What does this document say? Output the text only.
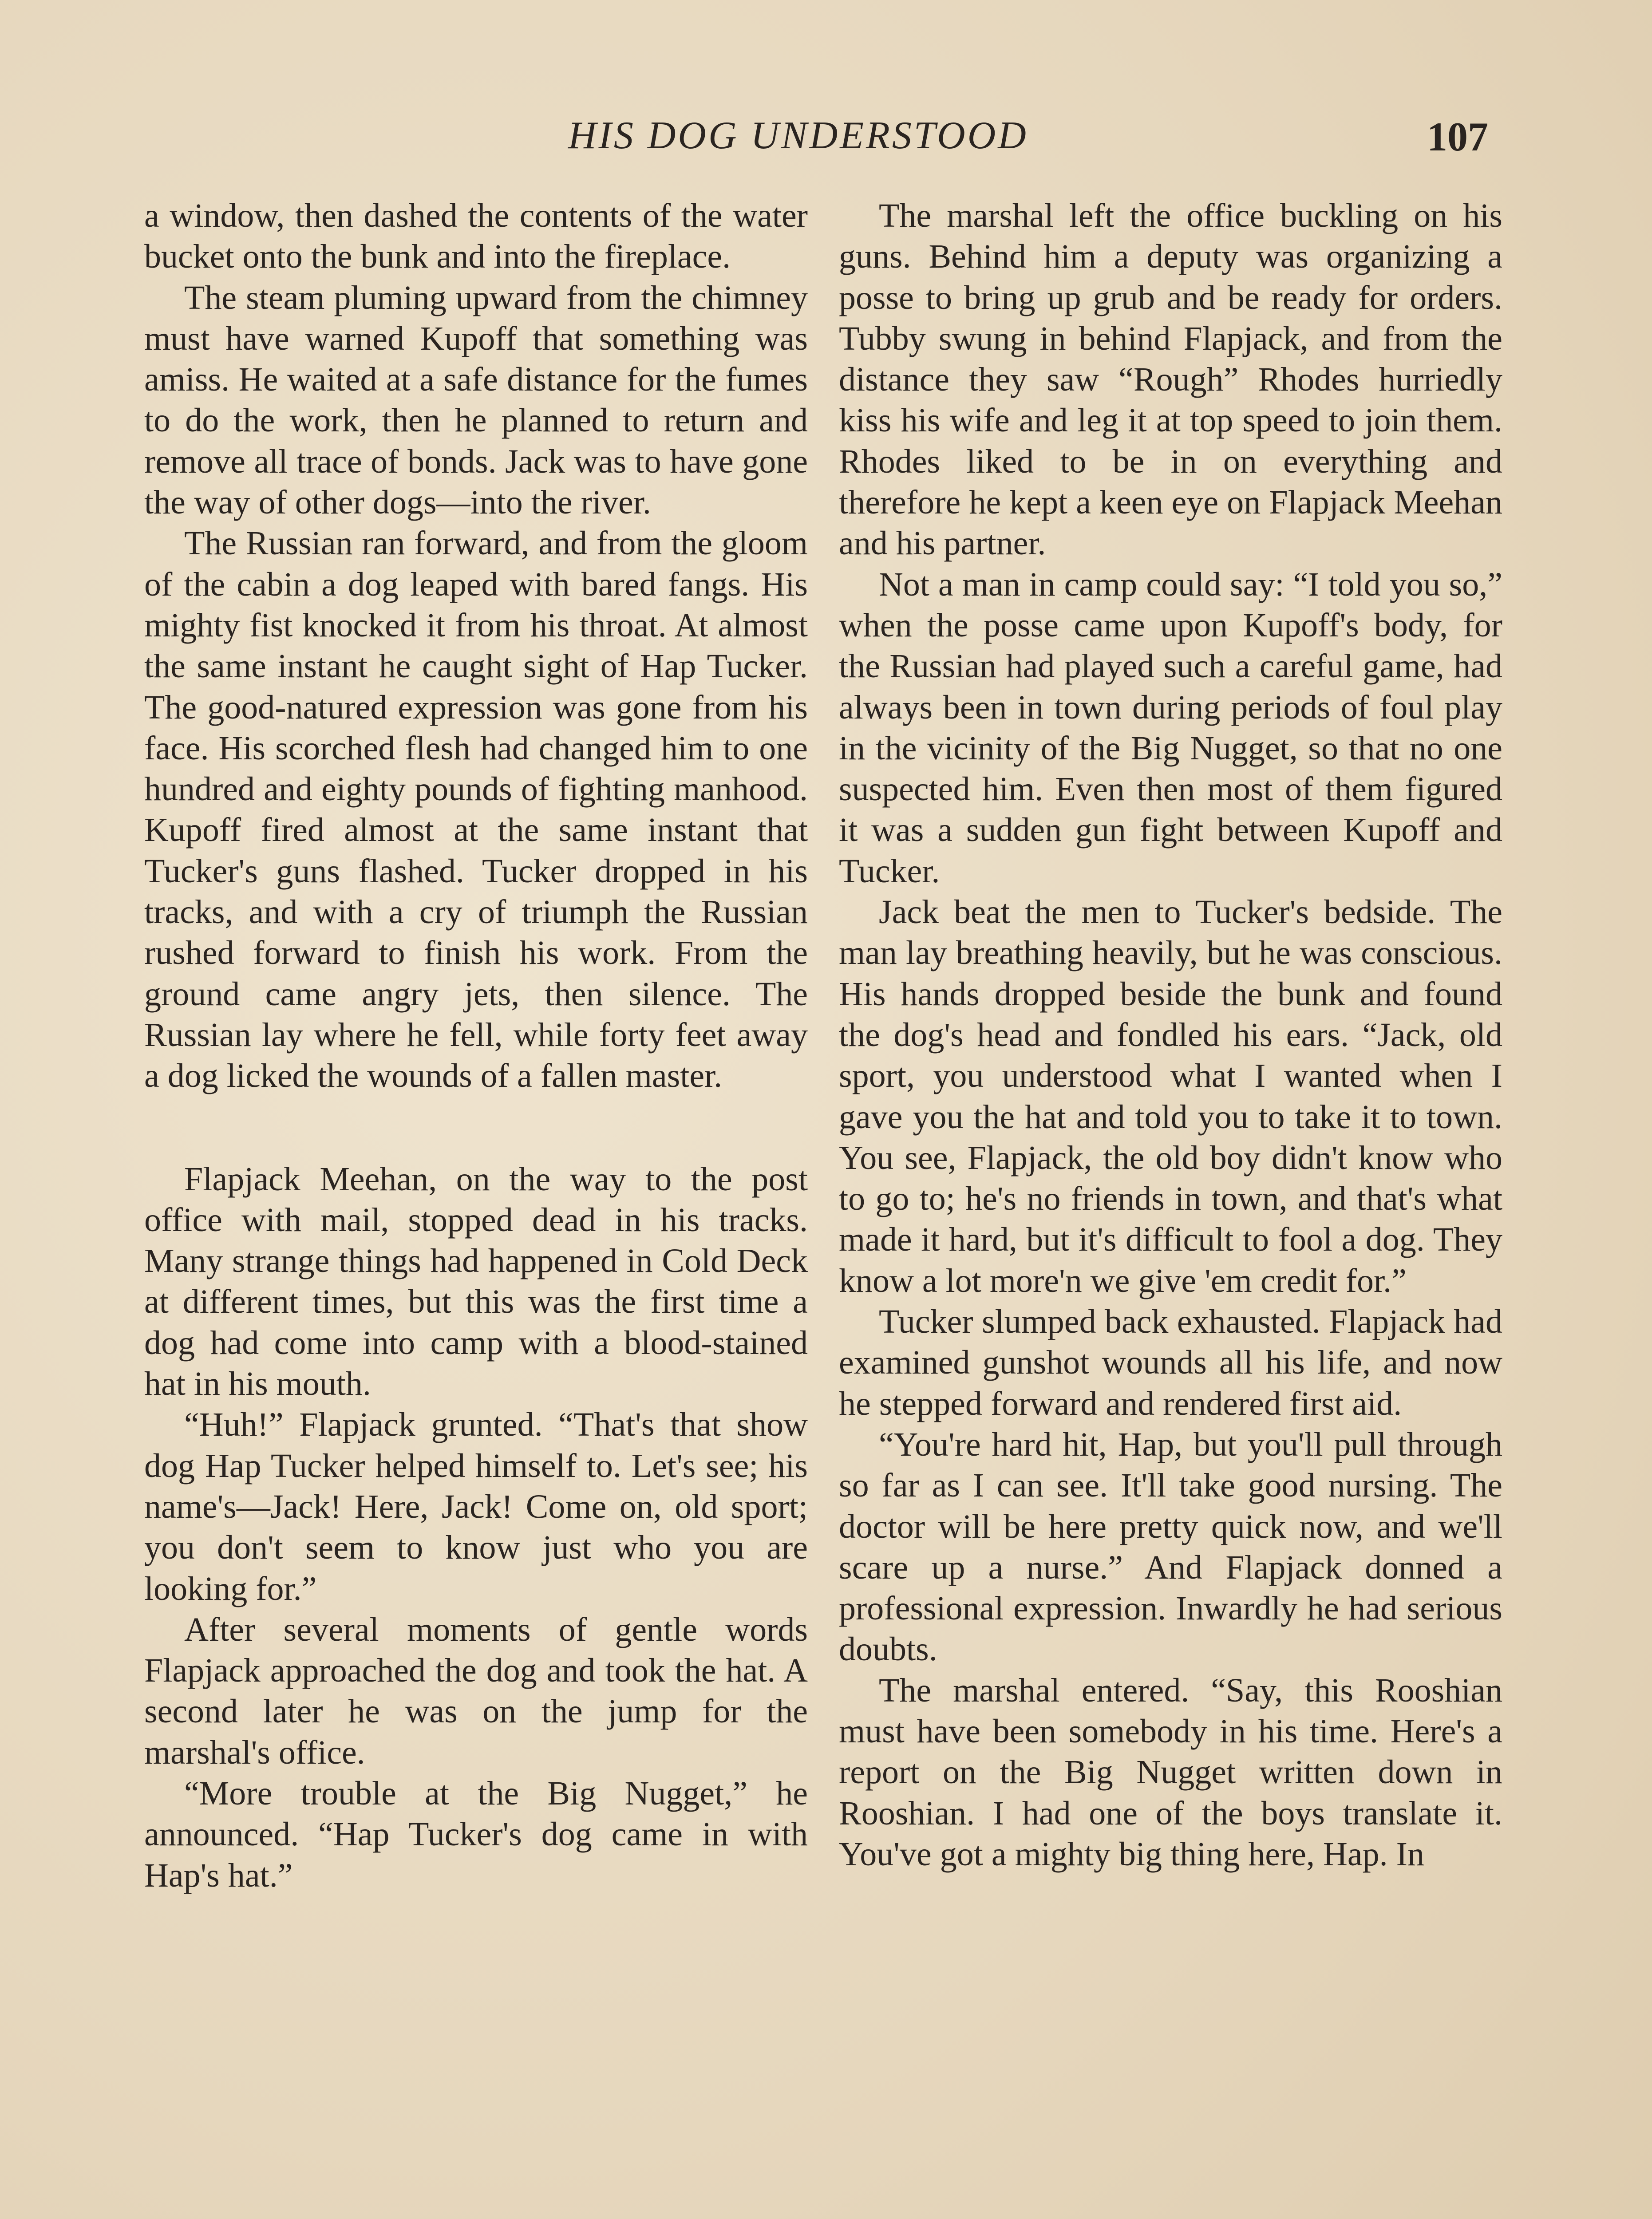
HIS DOG UNDERSTOOD	107

a window, then dashed the contents of the water bucket onto the bunk and into the fireplace.

The steam pluming upward from the chimney must have warned Kupoff that something was amiss. He waited at a safe distance for the fumes to do the work, then he planned to return and remove all trace of bonds. Jack was to have gone the way of other dogs—into the river.

The Russian ran forward, and from the gloom of the cabin a dog leaped with bared fangs. His mighty fist knocked it from his throat. At almost the same instant he caught sight of Hap Tucker. The good-natured expression was gone from his face. His scorched flesh had changed him to one hundred and eighty pounds of fighting manhood. Kupoff fired almost at the same instant that Tucker's guns flashed. Tucker dropped in his tracks, and with a cry of triumph the Russian rushed forward to finish his work. From the ground came angry jets, then silence. The Russian lay where he fell, while forty feet away a dog licked the wounds of a fallen master.

Flapjack Meehan, on the way to the post office with mail, stopped dead in his tracks. Many strange things had happened in Cold Deck at different times, but this was the first time a dog had come into camp with a blood-stained hat in his mouth.

“Huh!” Flapjack grunted. “That's that show dog Hap Tucker helped himself to. Let's see; his name's—Jack! Here, Jack! Come on, old sport; you don't seem to know just who you are looking for.”

After several moments of gentle words Flapjack approached the dog and took the hat. A second later he was on the jump for the marshal's office.

“More trouble at the Big Nugget,” he announced. “Hap Tucker's dog came in with Hap's hat.”

The marshal left the office buckling on his guns. Behind him a deputy was organizing a posse to bring up grub and be ready for orders. Tubby swung in behind Flapjack, and from the distance they saw “Rough” Rhodes hurriedly kiss his wife and leg it at top speed to join them. Rhodes liked to be in on everything and therefore he kept a keen eye on Flapjack Meehan and his partner.

Not a man in camp could say: “I told you so,” when the posse came upon Kupoff's body, for the Russian had played such a careful game, had always been in town during periods of foul play in the vicinity of the Big Nugget, so that no one suspected him. Even then most of them figured it was a sudden gun fight between Kupoff and Tucker.

Jack beat the men to Tucker's bedside. The man lay breathing heavily, but he was conscious. His hands dropped beside the bunk and found the dog's head and fondled his ears. “Jack, old sport, you understood what I wanted when I gave you the hat and told you to take it to town. You see, Flapjack, the old boy didn't know who to go to; he's no friends in town, and that's what made it hard, but it's difficult to fool a dog. They know a lot more'n we give 'em credit for.”

Tucker slumped back exhausted. Flapjack had examined gunshot wounds all his life, and now he stepped forward and rendered first aid.

“You're hard hit, Hap, but you'll pull through so far as I can see. It'll take good nursing. The doctor will be here pretty quick now, and we'll scare up a nurse.” And Flapjack donned a professional expression. Inwardly he had serious doubts.

The marshal entered. “Say, this Rooshian must have been somebody in his time. Here's a report on the Big Nugget written down in Rooshian. I had one of the boys translate it. You've got a mighty big thing here, Hap. In
